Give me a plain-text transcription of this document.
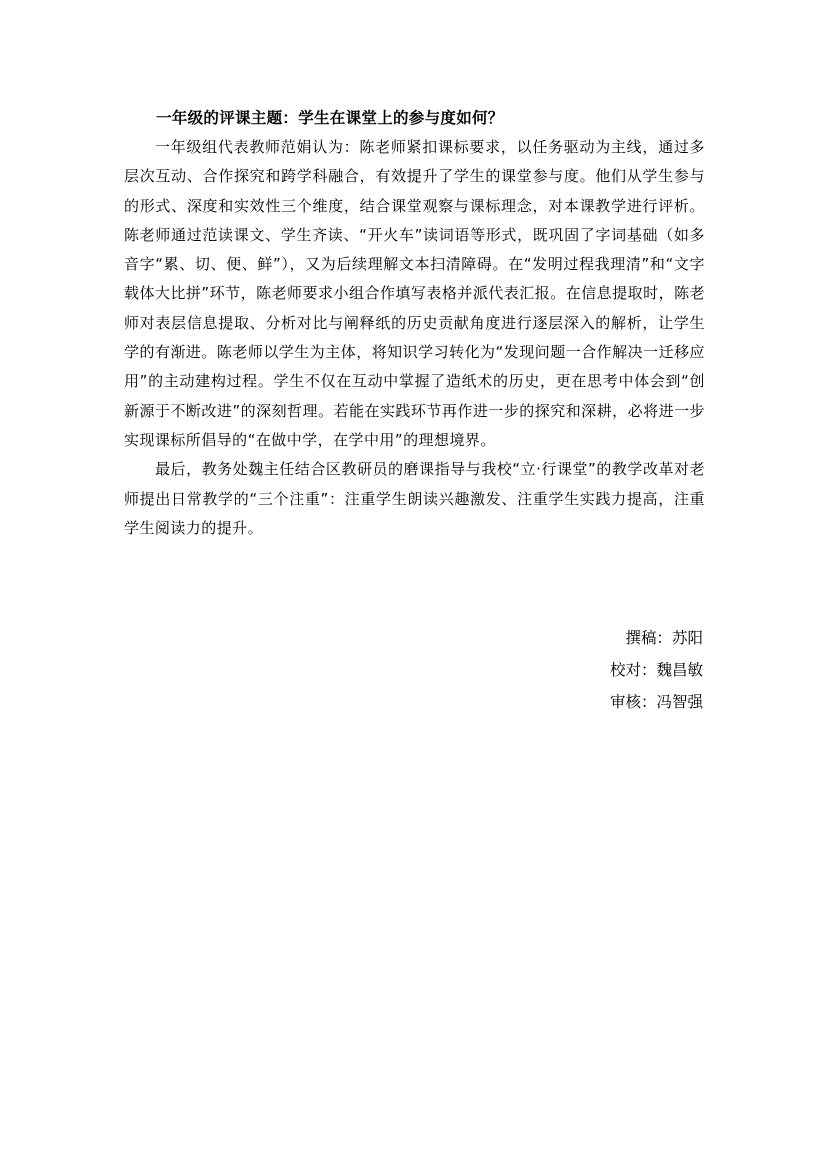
一年级的评课主题：学生在课堂上的参与度如何？

一年级组代表教师范娟认为：陈老师紧扣课标要求，以任务驱动为主线，通过多层次互动、合作探究和跨学科融合，有效提升了学生的课堂参与度。他们从学生参与的形式、深度和实效性三个维度，结合课堂观察与课标理念，对本课教学进行评析。 陈老师通过范读课文、学生齐读、“开火车”读词语等形式，既巩固了字词基础（如多音字“累、切、便、鲜”），又为后续理解文本扫清障碍。在“发明过程我理清”和“文字载体大比拼”环节，陈老师要求小组合作填写表格并派代表汇报。在信息提取时，陈老师对表层信息提取、分析对比与阐释纸的历史贡献角度进行逐层深入的解析，让学生学的有渐进。陈老师以学生为主体，将知识学习转化为“发现问题一合作解决一迁移应用”的主动建构过程。学生不仅在互动中掌握了造纸术的历史，更在思考中体会到“创新源于不断改进”的深刻哲理。若能在实践环节再作进一步的探究和深耕，必将进一步实现课标所倡导的“在做中学，在学中用”的理想境界。

最后，教务处魏主任结合区教研员的磨课指导与我校“立·行课堂”的教学改革对老师提出日常教学的“三个注重”：注重学生朗读兴趣激发、注重学生实践力提高，注重学生阅读力的提升。

撰稿：苏阳
校对：魏昌敏
审核：冯智强
